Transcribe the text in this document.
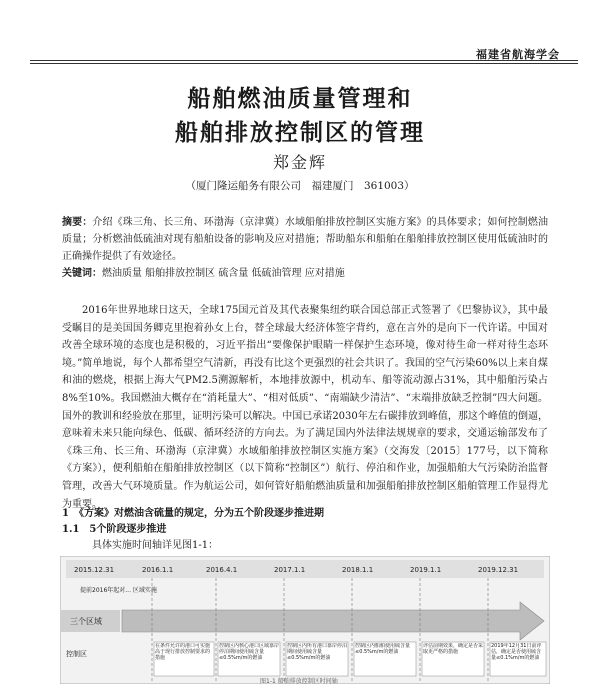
福建省航海学会
船舶燃油质量管理和
船舶排放控制区的管理
郑金辉
（厦门隆运船务有限公司　福建厦门　361003）
摘要：介绍《珠三角、长三角、环渤海（京津冀）水域船舶排放控制区实施方案》的具体要求；如何控制燃油质量；分析燃油低硫油对现有船舶设备的影响及应对措施；帮助船东和船舶在船舶排放控制区使用低硫油时的正确操作提供了有效途径。
关键词：燃油质量 船舶排放控制区 硫含量 低硫油管理 应对措施
2016年世界地球日这天，全球175国元首及其代表聚集纽约联合国总部正式签署了《巴黎协议》，其中最受瞩目的是美国国务卿克里抱着孙女上台，替全球最大经济体签字背约，意在言外的是向下一代许诺。中国对改善全球环境的态度也是积极的，习近平指出“要像保护眼睛一样保护生态环境，像对待生命一样对待生态环境。”简单地说，每个人都希望空气清新，再没有比这个更强烈的社会共识了。我国的空气污染60%以上来自煤和油的燃烧，根据上海大气PM2.5溯源解析，本地排放源中，机动车、船等流动源占31%，其中船舶污染占8%至10%。我国燃油大概存在“消耗量大”、“相对低质”、“南端缺少清洁”、“末端排放缺乏控制”四大问题。国外的教训和经验放在那里，证明污染可以解决。中国已承诺2030年左右碳排放到峰值，那这个峰值的倒逼，意味着未来只能向绿色、低碳、循环经济的方向去。为了满足国内外法律法规规章的要求，交通运输部发布了《珠三角、长三角、环渤海（京津冀）水域船舶排放控制区实施方案》（交海发〔2015〕177号，以下简称《方案》），便利船舶在船舶排放控制区（以下简称“控制区”）航行、停泊和作业，加强船舶大气污染防治监督管理，改善大气环境质量。作为航运公司，如何管好船舶燃油质量和加强船舶排放控制区船舶管理工作显得尤为重要。
1　《方案》对燃油含硫量的规定，分为五个阶段逐步推进期
1.1　5个阶段逐步推进
具体实施时间轴详见图1-1：
2015.12.31	2016.1.1	2016.4.1	2017.1.1	2018.1.1	2019.1.1	2019.12.31
提前2016年起对... 区域实施
三个区域
控制区
在条件允许的港口可实施高于现行排放控制要求的措施
控制区内核心港口区域靠岸停泊期间使用硫含量≤0.5%m/m的燃油
控制区内所有港口靠岸停泊期间使用硫含量≤0.5%m/m的燃油
控制区内船舶使用硫含量≤0.5%m/m的燃油
评估前期效果，确定是否采取更严格的措施
2019年12月31日前评估，确定是否使用硫含量≤0.1%m/m的燃油
图1-1 船舶排放控制区时间轴
